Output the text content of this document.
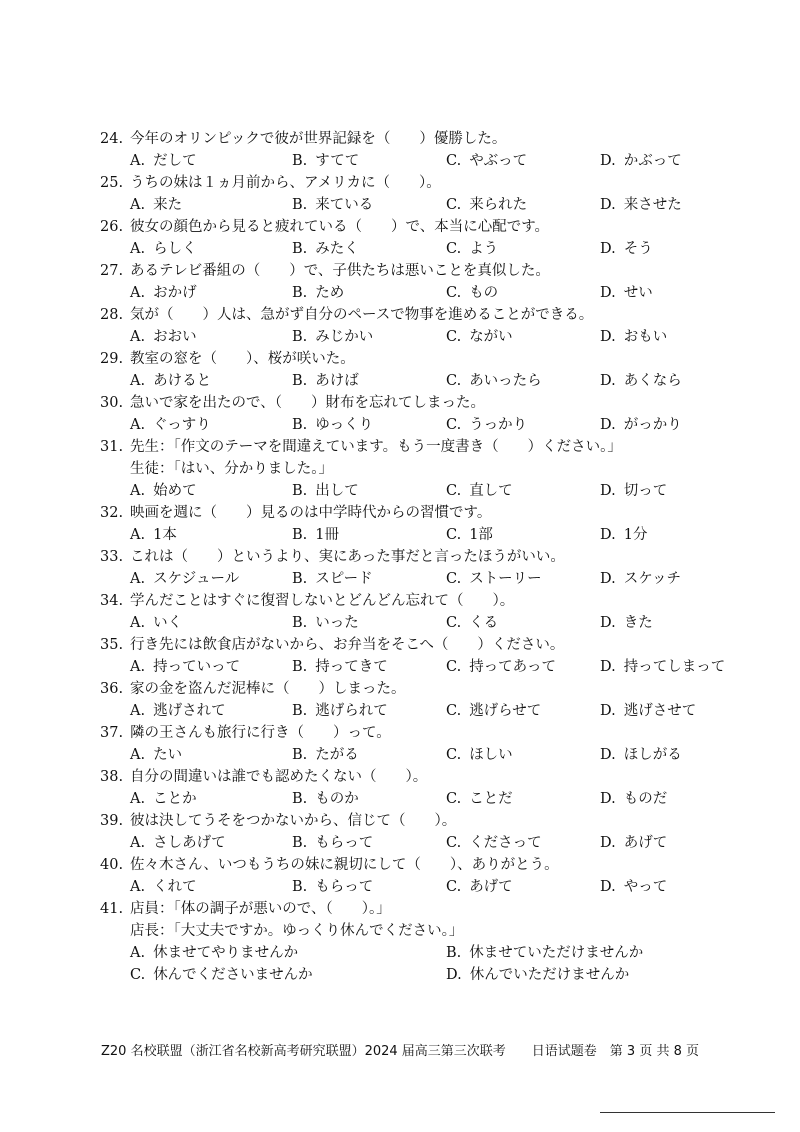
24. 今年のオリンピックで彼が世界記録を（　　）優勝した。
A. だして	B. すてて	C. やぶって	D. かぶって
25. うちの妹は１ヵ月前から、アメリカに（　　）。
A. 来た	B. 来ている	C. 来られた	D. 来させた
26. 彼女の顔色から見ると疲れている（　　）で、本当に心配です。
A. らしく	B. みたく	C. よう	D. そう
27. あるテレビ番組の（　　）で、子供たちは悪いことを真似した。
A. おかげ	B. ため	C. もの	D. せい
28. 気が（　　）人は、急がず自分のペースで物事を進めることができる。
A. おおい	B. みじかい	C. ながい	D. おもい
29. 教室の窓を（　　）、桜が咲いた。
A. あけると	B. あけば	C. あいったら	D. あくなら
30. 急いで家を出たので、（　　）財布を忘れてしまった。
A. ぐっすり	B. ゆっくり	C. うっかり	D. がっかり
31. 先生：「作文のテーマを間違えています。もう一度書き（　　）ください。」
生徒：「はい、分かりました。」
A. 始めて	B. 出して	C. 直して	D. 切って
32. 映画を週に（　　）見るのは中学時代からの習慣です。
A. 1本	B. 1冊	C. 1部	D. 1分
33. これは（　　）というより、実にあった事だと言ったほうがいい。
A. スケジュール	B. スピード	C. ストーリー	D. スケッチ
34. 学んだことはすぐに復習しないとどんどん忘れて（　　）。
A. いく	B. いった	C. くる	D. きた
35. 行き先には飲食店がないから、お弁当をそこへ（　　）ください。
A. 持っていって	B. 持ってきて	C. 持ってあって	D. 持ってしまって
36. 家の金を盗んだ泥棒に（　　）しまった。
A. 逃げされて	B. 逃げられて	C. 逃げらせて	D. 逃げさせて
37. 隣の王さんも旅行に行き（　　）って。
A. たい	B. たがる	C. ほしい	D. ほしがる
38. 自分の間違いは誰でも認めたくない（　　）。
A. ことか	B. ものか	C. ことだ	D. ものだ
39. 彼は決してうそをつかないから、信じて（　　）。
A. さしあげて	B. もらって	C. くださって	D. あげて
40. 佐々木さん、いつもうちの妹に親切にして（　　）、ありがとう。
A. くれて	B. もらって	C. あげて	D. やって
41. 店員：「体の調子が悪いので、（　　）。」
店長：「大丈夫ですか。ゆっくり休んでください。」
A. 休ませてやりませんか	B. 休ませていただけませんか
C. 休んでくださいませんか	D. 休んでいただけませんか
Z20 名校联盟（浙江省名校新高考研究联盟）2024 届高三第三次联考　　日语试题卷　第 3 页 共 8 页
